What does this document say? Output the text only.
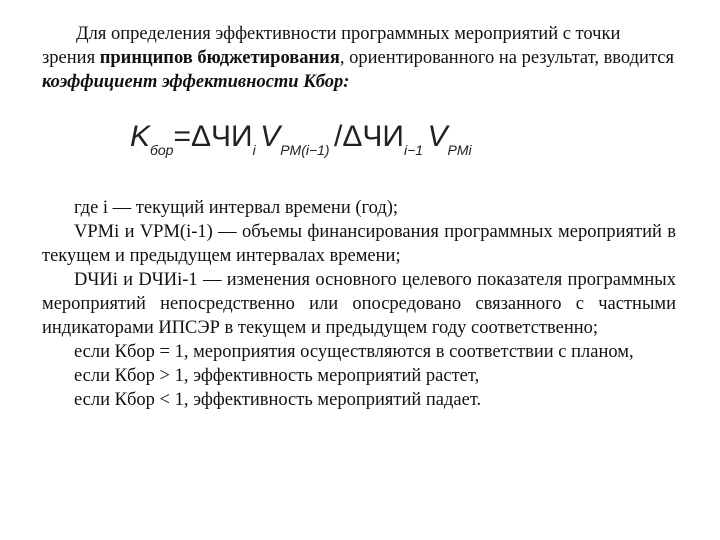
Для определения эффективности программных мероприятий с точки зрения принципов бюджетирования, ориентированного на результат, вводится коэффициент эффективности Кбор:

Kбор=ΔЧИi VPM(i−1) /ΔЧИi−1 VPMi

где i — текущий интервал времени (год);

VPMi и VPM(i-1) — объемы финансирования программных мероприятий в текущем и предыдущем интервалах времени;

DЧИi и DЧИi-1 — изменения основного целевого показателя программных мероприятий непосредственно или опосредовано связанного с частными индикаторами ИПСЭР в текущем и предыдущем году соответственно;

если Кбор = 1, мероприятия осуществляются в соответствии с планом,

если Кбор > 1, эффективность мероприятий растет,

если Кбор < 1, эффективность мероприятий падает.
